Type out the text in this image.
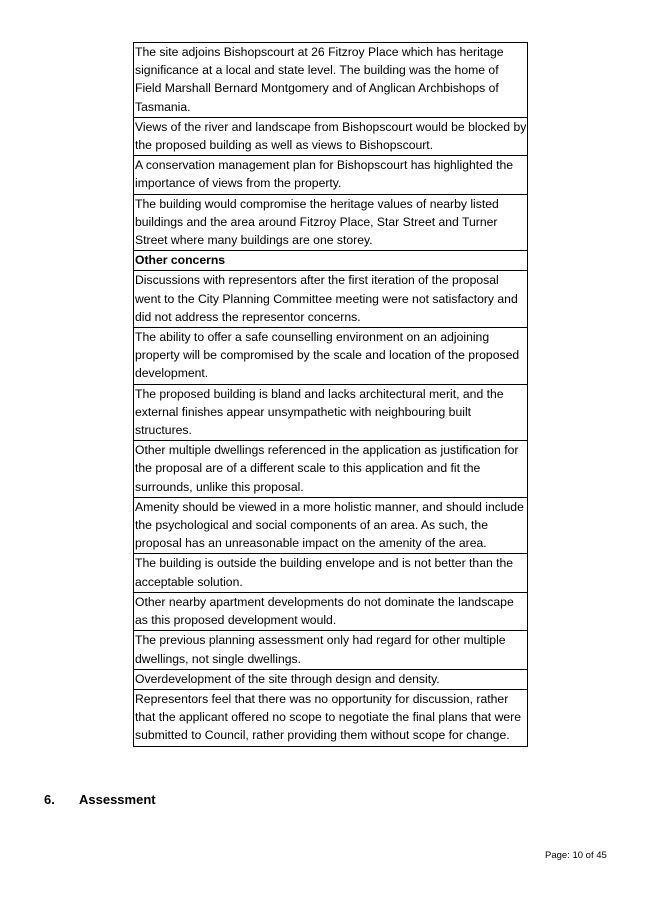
The site adjoins Bishopscourt at 26 Fitzroy Place which has heritage significance at a local and state level. The building was the home of Field Marshall Bernard Montgomery and of Anglican Archbishops of Tasmania.
Views of the river and landscape from Bishopscourt would be blocked by the proposed building as well as views to Bishopscourt.
A conservation management plan for Bishopscourt has highlighted the importance of views from the property.
The building would compromise the heritage values of nearby listed buildings and the area around Fitzroy Place, Star Street and Turner Street where many buildings are one storey.
Other concerns
Discussions with representors after the first iteration of the proposal went to the City Planning Committee meeting were not satisfactory and did not address the representor concerns.
The ability to offer a safe counselling environment on an adjoining property will be compromised by the scale and location of the proposed development.
The proposed building is bland and lacks architectural merit, and the external finishes appear unsympathetic with neighbouring built structures.
Other multiple dwellings referenced in the application as justification for the proposal are of a different scale to this application and fit the surrounds, unlike this proposal.
Amenity should be viewed in a more holistic manner, and should include the psychological and social components of an area. As such, the proposal has an unreasonable impact on the amenity of the area.
The building is outside the building envelope and is not better than the acceptable solution.
Other nearby apartment developments do not dominate the landscape as this proposed development would.
The previous planning assessment only had regard for other multiple dwellings, not single dwellings.
Overdevelopment of the site through design and density.
Representors feel that there was no opportunity for discussion, rather that the applicant offered no scope to negotiate the final plans that were submitted to Council, rather providing them without scope for change.
6. Assessment
Page: 10 of 45
